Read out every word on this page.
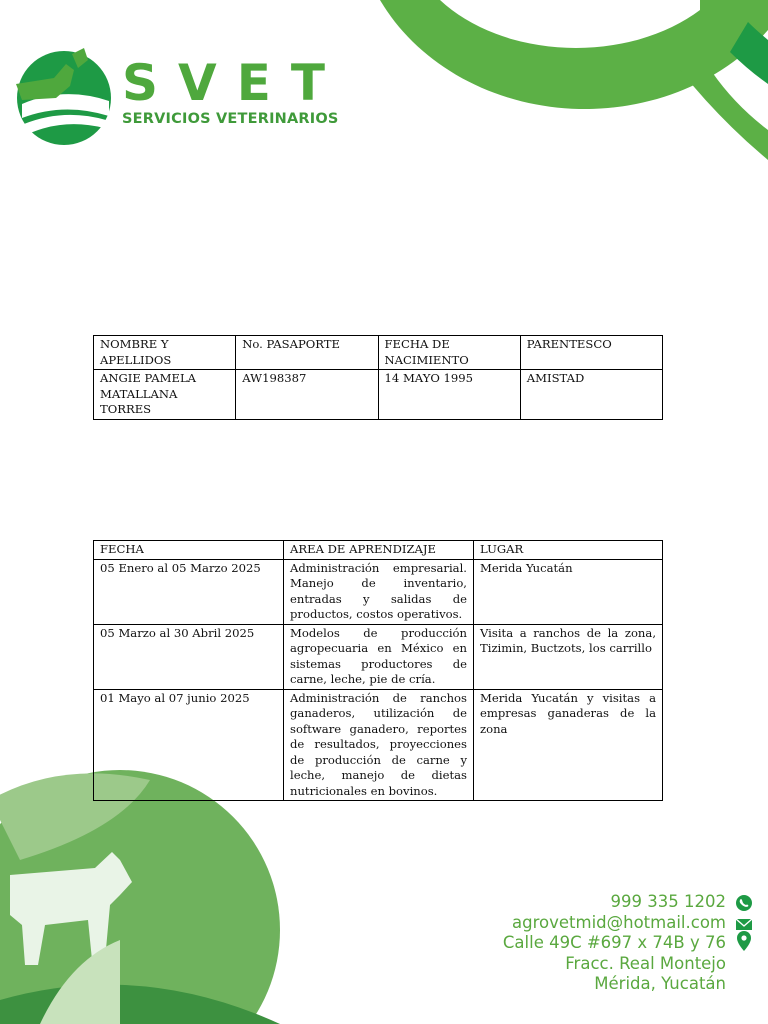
SVET
SERVICIOS VETERINARIOS
NOMBRE Y APELLIDOS	No. PASAPORTE	FECHA DE NACIMIENTO	PARENTESCO
ANGIE PAMELA MATALLANA TORRES	AW198387	14 MAYO 1995	AMISTAD
FECHA	AREA DE APRENDIZAJE	LUGAR
05 Enero al 05 Marzo 2025	Administración empresarial. Manejo de inventario, entradas y salidas de productos, costos operativos.	Merida Yucatán
05 Marzo al 30 Abril 2025	Modelos de producción agropecuaria en México en sistemas productores de carne, leche, pie de cría.	Visita a ranchos de la zona, Tizimin, Buctzots, los carrillo
01 Mayo al 07 junio 2025	Administración de ranchos ganaderos, utilización de software ganadero, reportes de resultados, proyecciones de producción de carne y leche, manejo de dietas nutricionales en bovinos.	Merida Yucatán y visitas a empresas ganaderas de la zona
999 335 1202
agrovetmid@hotmail.com
Calle 49C #697 x 74B y 76
Fracc. Real Montejo
Mérida, Yucatán
